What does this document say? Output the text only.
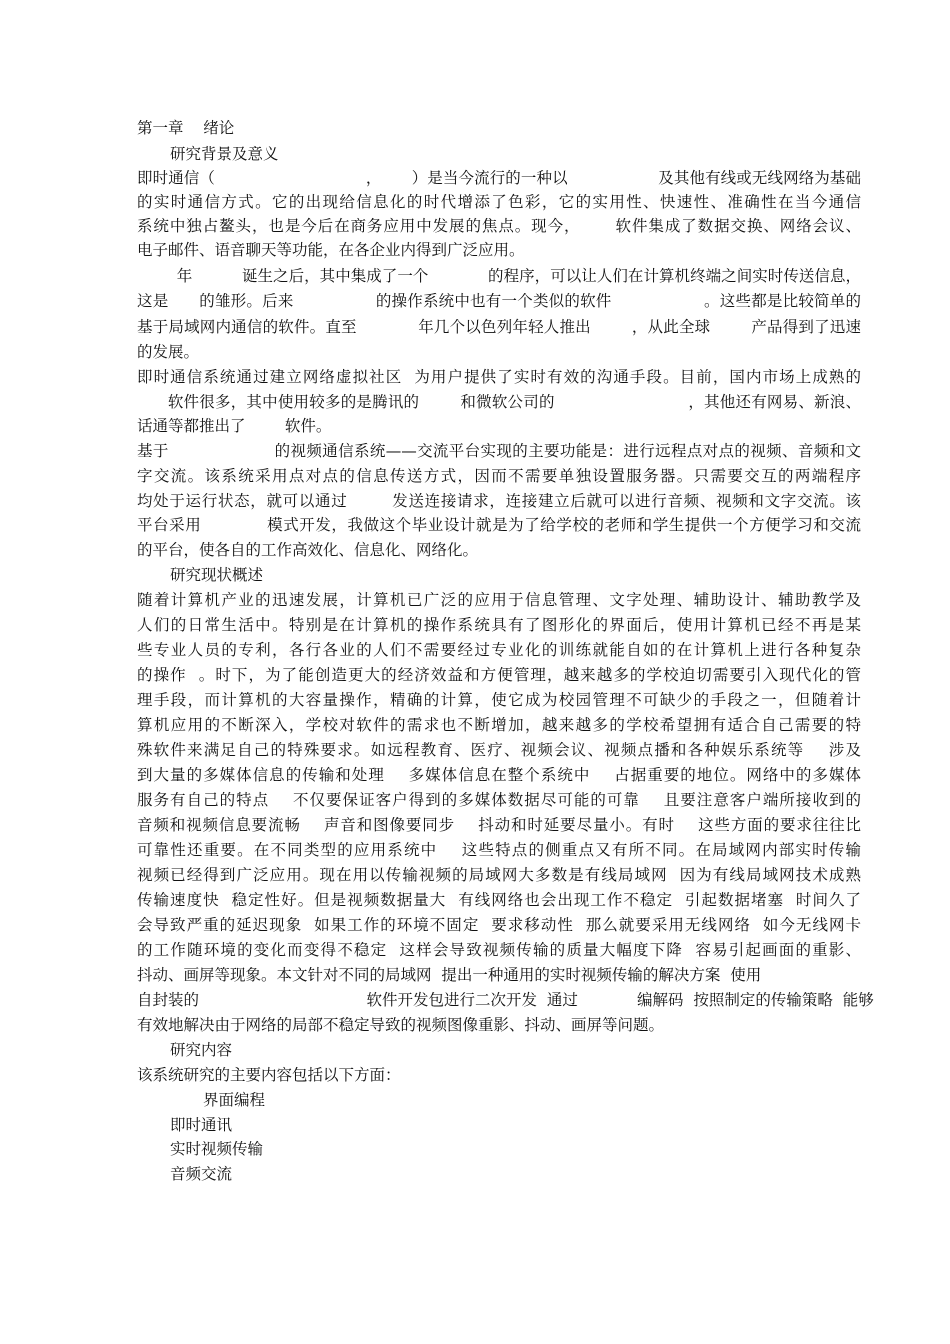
第一章    绪论
研究背景及意义
即时通信（                              ，      ）是当今流行的一种以                  及其他有线或无线网络为基础
的实时通信方式。它的出现给信息化的时代增添了色彩，它的实用性、快速性、准确性在当今通信
系统中独占鳌头，也是今后在商务应用中发展的焦点。现今，      软件集成了数据交换、网络会议、
电子邮件、语音聊天等功能，在各企业内得到广泛应用。
年          诞生之后，其中集成了一个            的程序，可以让人们在计算机终端之间实时传送信息，
这是      的雏形。后来                的操作系统中也有一个类似的软件                  。这些都是比较简单的
基于局域网内通信的软件。直至            年几个以色列年轻人推出        ，从此全球        产品得到了迅速
的发展。
即时通信系统通过建立网络虚拟社区  为用户提供了实时有效的沟通手段。目前，国内市场上成熟的
软件很多，其中使用较多的是腾讯的        和微软公司的                          ，其他还有网易、新浪、
话通等都推出了        软件。
基于                    的视频通信系统——交流平台实现的主要功能是：进行远程点对点的视频、音频和文
字交流。该系统采用点对点的信息传送方式，因而不需要单独设置服务器。只需要交互的两端程序
均处于运行状态，就可以通过        发送连接请求，连接建立后就可以进行音频、视频和文字交流。该
平台采用            模式开发，我做这个毕业设计就是为了给学校的老师和学生提供一个方便学习和交流
的平台，使各自的工作高效化、信息化、网络化。
研究现状概述
随着计算机产业的迅速发展，计算机已广泛的应用于信息管理、文字处理、辅助设计、辅助教学及
人们的日常生活中。特别是在计算机的操作系统具有了图形化的界面后，使用计算机已经不再是某
些专业人员的专利，各行各业的人们不需要经过专业化的训练就能自如的在计算机上进行各种复杂
的操作  。时下，为了能创造更大的经济效益和方便管理，越来越多的学校迫切需要引入现代化的管
理手段，而计算机的大容量操作，精确的计算，使它成为校园管理不可缺少的手段之一，但随着计
算机应用的不断深入，学校对软件的需求也不断增加，越来越多的学校希望拥有适合自己需要的特
殊软件来满足自己的特殊要求。如远程教育、医疗、视频会议、视频点播和各种娱乐系统等    涉及
到大量的多媒体信息的传输和处理    多媒体信息在整个系统中    占据重要的地位。网络中的多媒体
服务有自己的特点    不仅要保证客户得到的多媒体数据尽可能的可靠    且要注意客户端所接收到的
音频和视频信息要流畅    声音和图像要同步    抖动和时延要尽量小。有时    这些方面的要求往往比
可靠性还重要。在不同类型的应用系统中    这些特点的侧重点又有所不同。在局域网内部实时传输
视频已经得到广泛应用。现在用以传输视频的局域网大多数是有线局域网  因为有线局域网技术成熟
传输速度快  稳定性好。但是视频数据量大  有线网络也会出现工作不稳定  引起数据堵塞  时间久了
会导致严重的延迟现象  如果工作的环境不固定  要求移动性  那么就要采用无线网络  如今无线网卡
的工作随环境的变化而变得不稳定  这样会导致视频传输的质量大幅度下降  容易引起画面的重影、
抖动、画屏等现象。本文针对不同的局域网  提出一种通用的实时视频传输的解决方案  使用
自封装的                                  软件开发包进行二次开发  通过            编解码  按照制定的传输策略  能够
有效地解决由于网络的局部不稳定导致的视频图像重影、抖动、画屏等问题。
研究内容
该系统研究的主要内容包括以下方面：
界面编程
即时通讯
实时视频传输
音频交流
